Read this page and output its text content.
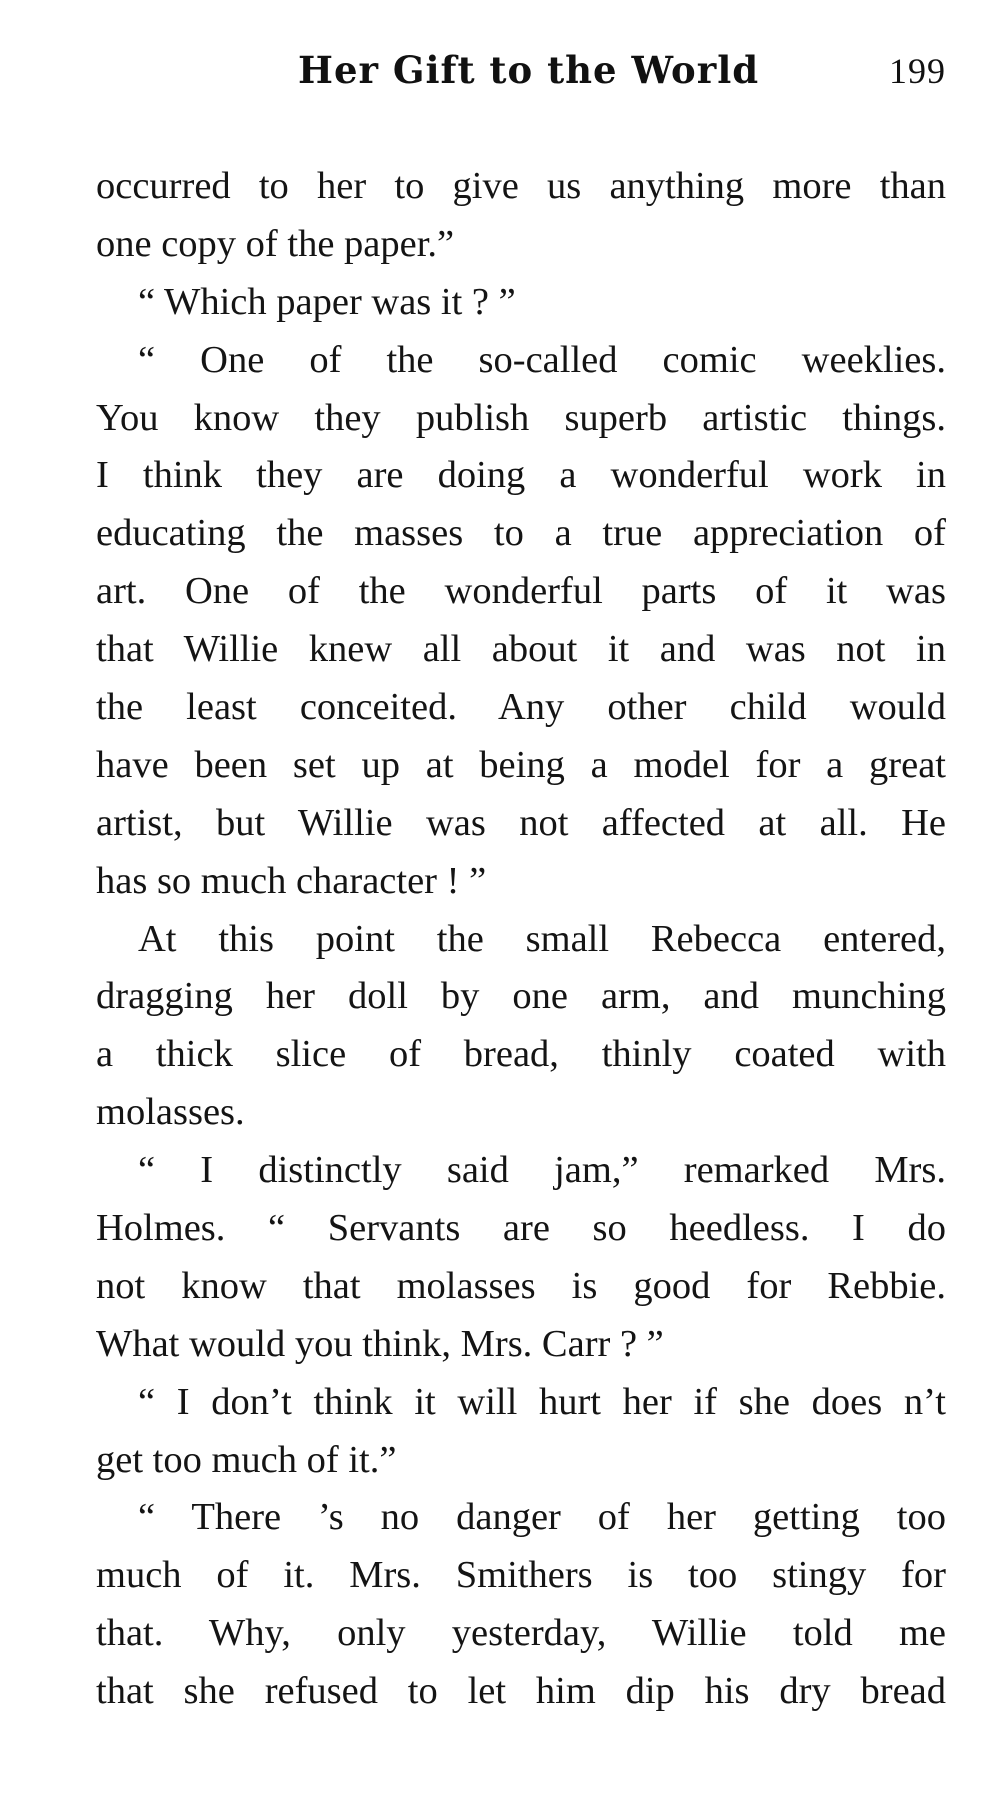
Her Gift to the World	199
occurred to her to give us anything more than
one copy of the paper.”
“ Which paper was it ? ”
“ One of the so-called comic weeklies.
You know they publish superb artistic things.
I think they are doing a wonderful work in
educating the masses to a true appreciation of
art. One of the wonderful parts of it was
that Willie knew all about it and was not in
the least conceited. Any other child would
have been set up at being a model for a great
artist, but Willie was not affected at all. He
has so much character ! ”
At this point the small Rebecca entered,
dragging her doll by one arm, and munching
a thick slice of bread, thinly coated with
molasses.
“ I distinctly said jam,” remarked Mrs.
Holmes. “ Servants are so heedless. I do
not know that molasses is good for Rebbie.
What would you think, Mrs. Carr ? ”
“ I don’t think it will hurt her if she does n’t
get too much of it.”
“ There ’s no danger of her getting too
much of it. Mrs. Smithers is too stingy for
that. Why, only yesterday, Willie told me
that she refused to let him dip his dry bread
